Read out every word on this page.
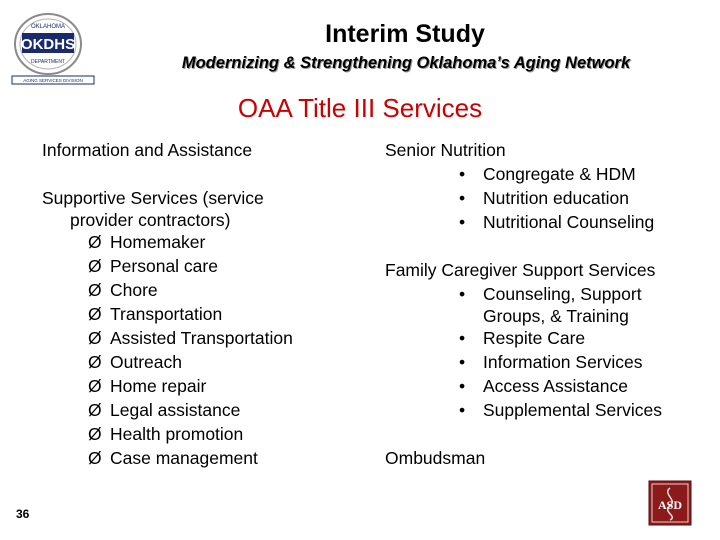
OKLAHOMA
OKDHS
DEPARTMENT
AGING SERVICES DIVISION
Interim Study
Modernizing & Strengthening Oklahoma’s Aging Network
OAA Title III Services
Information and Assistance
Supportive Services (service
provider contractors)
Ø Homemaker
Ø Personal care
Ø Chore
Ø Transportation
Ø Assisted Transportation
Ø Outreach
Ø Home repair
Ø Legal assistance
Ø Health promotion
Ø Case management
Senior Nutrition
• Congregate & HDM
• Nutrition education
• Nutritional Counseling
Family Caregiver Support Services
• Counseling, Support
Groups, & Training
• Respite Care
• Information Services
• Access Assistance
• Supplemental Services
Ombudsman
36
ASD
